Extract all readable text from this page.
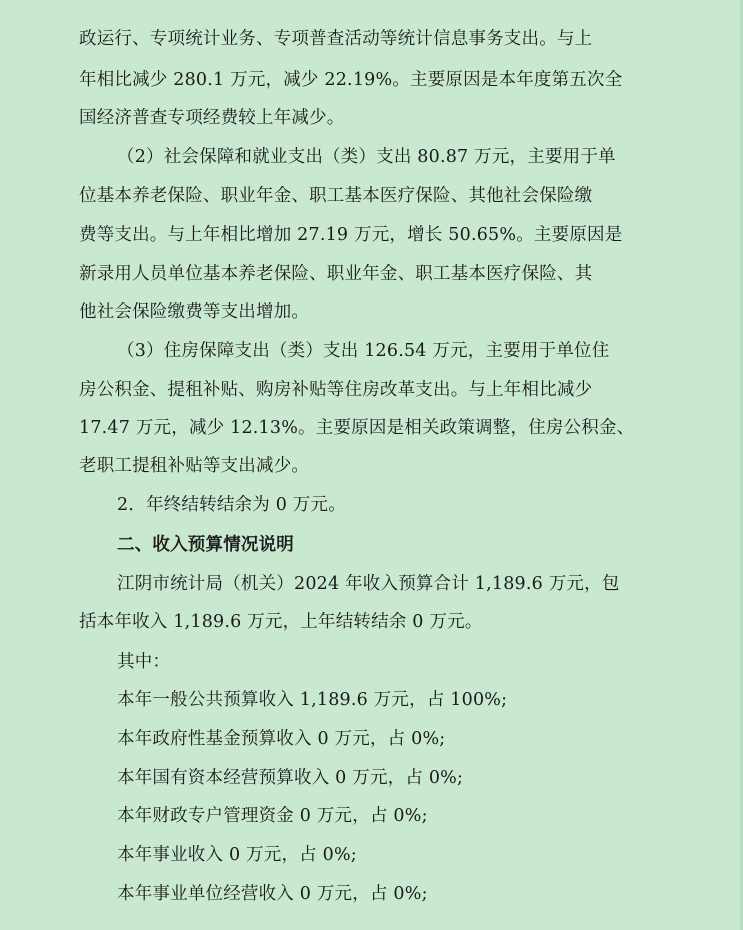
政运行、专项统计业务、专项普查活动等统计信息事务支出。与上
年相比减少 280.1 万元，减少 22.19%。主要原因是本年度第五次全
国经济普查专项经费较上年减少。
（2）社会保障和就业支出（类）支出 80.87 万元，主要用于单
位基本养老保险、职业年金、职工基本医疗保险、其他社会保险缴
费等支出。与上年相比增加 27.19 万元，增长 50.65%。主要原因是
新录用人员单位基本养老保险、职业年金、职工基本医疗保险、其
他社会保险缴费等支出增加。
（3）住房保障支出（类）支出 126.54 万元，主要用于单位住
房公积金、提租补贴、购房补贴等住房改革支出。与上年相比减少
17.47 万元，减少 12.13%。主要原因是相关政策调整，住房公积金、
老职工提租补贴等支出减少。
2．年终结转结余为 0 万元。
二、收入预算情况说明
江阴市统计局（机关）2024 年收入预算合计 1,189.6 万元，包
括本年收入 1,189.6 万元，上年结转结余 0 万元。
其中：
本年一般公共预算收入 1,189.6 万元，占 100%;
本年政府性基金预算收入 0 万元，占 0%;
本年国有资本经营预算收入 0 万元，占 0%;
本年财政专户管理资金 0 万元，占 0%;
本年事业收入 0 万元，占 0%;
本年事业单位经营收入 0 万元，占 0%;
